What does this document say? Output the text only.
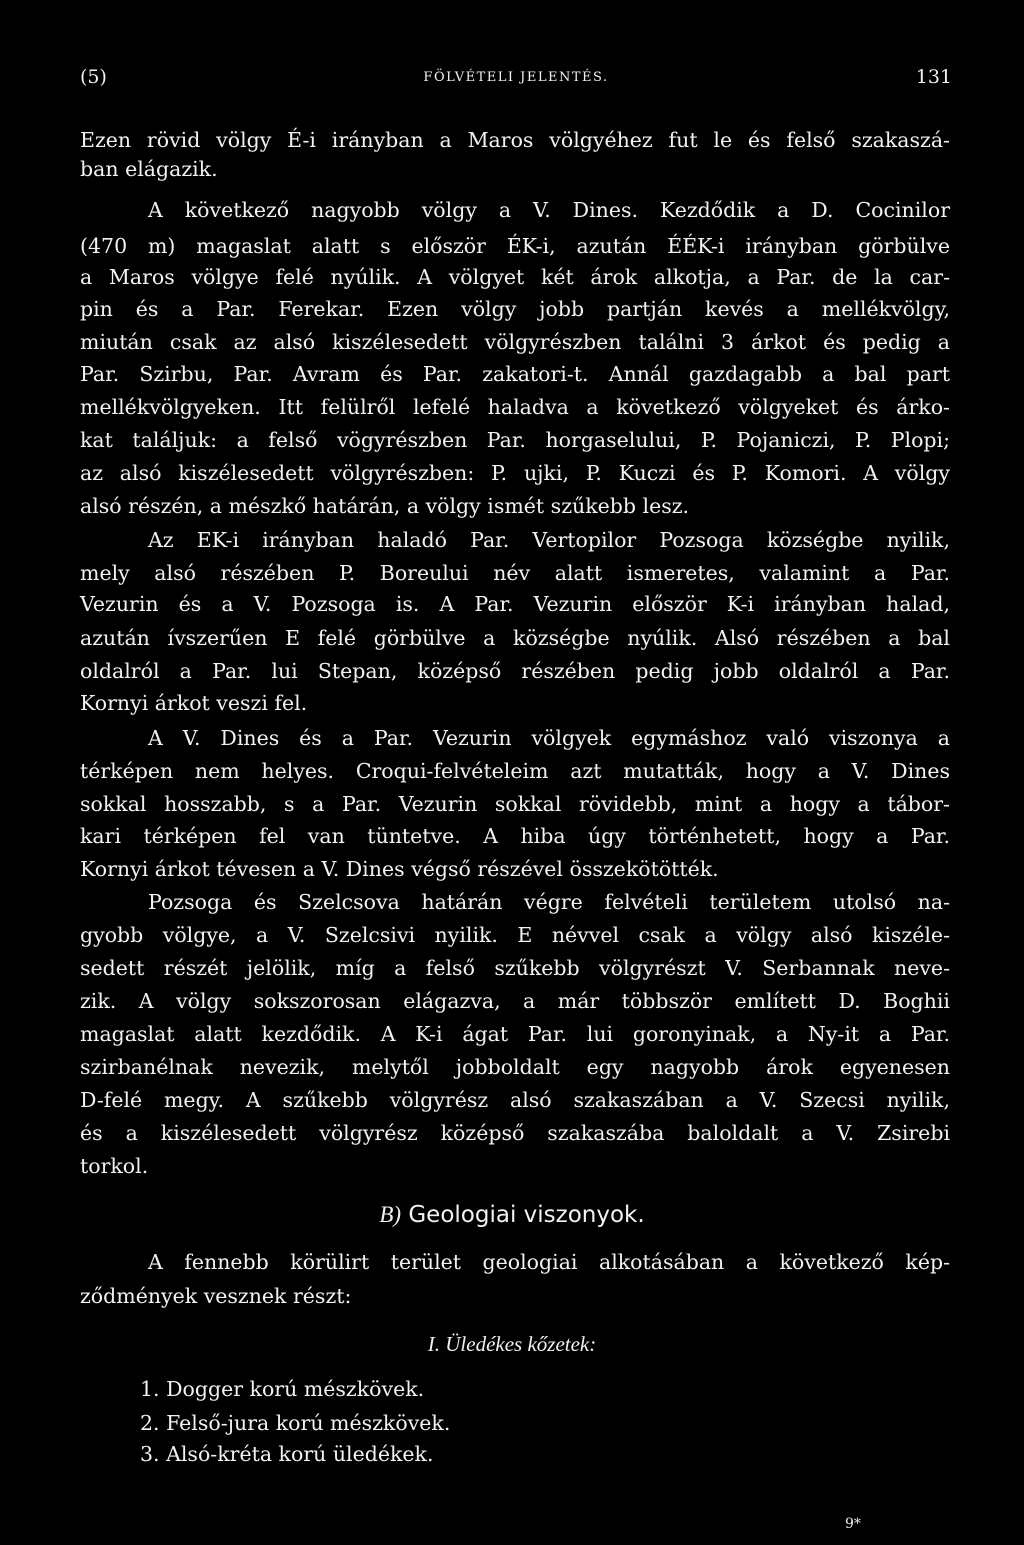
(5)	FÖLVÉTELI JELENTÉS.	131
Ezen rövid völgy É-i irányban a Maros völgyéhez fut le és felső szakaszá-
ban elágazik.
A következő nagyobb völgy a V. Dines. Kezdődik a D. Cocinilor
(470 m) magaslat alatt s először ÉK-i, azután ÉÉK-i irányban görbülve
a Maros völgye felé nyúlik. A völgyet két árok alkotja, a Par. de la car-
pin és a Par. Ferekar. Ezen völgy jobb partján kevés a mellékvölgy,
miután csak az alsó kiszélesedett völgyrészben találni 3 árkot és pedig a
Par. Szirbu, Par. Avram és Par. zakatori-t. Annál gazdagabb a bal part
mellékvölgyeken. Itt felülről lefelé haladva a következő völgyeket és árko-
kat találjuk: a felső vögyrészben Par. horgaselului, P. Pojaniczi, P. Plopi;
az alsó kiszélesedett völgyrészben: P. ujki, P. Kuczi és P. Komori. A völgy
alsó részén, a mészkő határán, a völgy ismét szűkebb lesz.
Az EK-i irányban haladó Par. Vertopilor Pozsoga községbe nyilik,
mely alsó részében P. Boreului név alatt ismeretes, valamint a Par.
Vezurin és a V. Pozsoga is. A Par. Vezurin először K-i irányban halad,
azután ívszerűen E felé görbülve a községbe nyúlik. Alsó részében a bal
oldalról a Par. lui Stepan, középső részében pedig jobb oldalról a Par.
Kornyi árkot veszi fel.
A V. Dines és a Par. Vezurin völgyek egymáshoz való viszonya a
térképen nem helyes. Croqui-felvételeim azt mutatták, hogy a V. Dines
sokkal hosszabb, s a Par. Vezurin sokkal rövidebb, mint a hogy a tábor-
kari térképen fel van tüntetve. A hiba úgy történhetett, hogy a Par.
Kornyi árkot tévesen a V. Dines végső részével összekötötték.
Pozsoga és Szelcsova határán végre felvételi területem utolsó na-
gyobb völgye, a V. Szelcsivi nyilik. E névvel csak a völgy alsó kiszéle-
sedett részét jelölik, míg a felső szűkebb völgyrészt V. Serbannak neve-
zik. A völgy sokszorosan elágazva, a már többször említett D. Boghii
magaslat alatt kezdődik. A K-i ágat Par. lui goronyinak, a Ny-it a Par.
szirbanélnak nevezik, melytől jobboldalt egy nagyobb árok egyenesen
D-felé megy. A szűkebb völgyrész alsó szakaszában a V. Szecsi nyilik,
és a kiszélesedett völgyrész középső szakaszába baloldalt a V. Zsirebi
torkol.
B) Geologiai viszonyok.
A fennebb körülirt terület geologiai alkotásában a következő kép-
ződmények vesznek részt:
I. Üledékes kőzetek:
1. Dogger korú mészkövek.
2. Felső-jura korú mészkövek.
3. Alsó-kréta korú üledékek.
9*
